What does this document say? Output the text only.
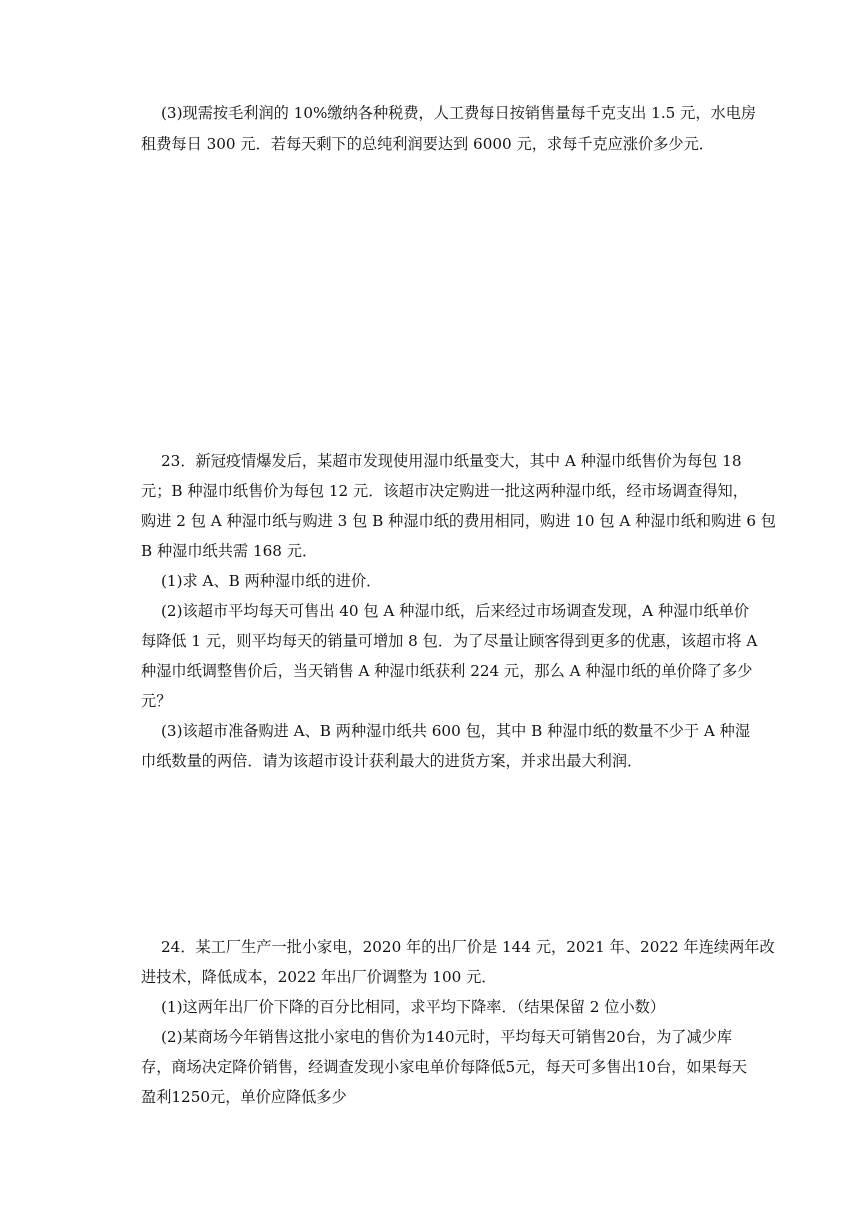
(3)现需按毛利润的 10%缴纳各种税费，人工费每日按销售量每千克支出 1.5 元，水电房
租费每日 300 元．若每天剩下的总纯利润要达到 6000 元，求每千克应涨价多少元．
23．新冠疫情爆发后，某超市发现使用湿巾纸量变大，其中 A 种湿巾纸售价为每包 18
元；B 种湿巾纸售价为每包 12 元．该超市决定购进一批这两种湿巾纸，经市场调查得知，
购进 2 包 A 种湿巾纸与购进 3 包 B 种湿巾纸的费用相同，购进 10 包 A 种湿巾纸和购进 6 包
B 种湿巾纸共需 168 元．
(1)求 A、B 两种湿巾纸的进价．
(2)该超市平均每天可售出 40 包 A 种湿巾纸，后来经过市场调查发现，A 种湿巾纸单价
每降低 1 元，则平均每天的销量可增加 8 包．为了尽量让顾客得到更多的优惠，该超市将 A
种湿巾纸调整售价后，当天销售 A 种湿巾纸获利 224 元，那么 A 种湿巾纸的单价降了多少
元？
(3)该超市准备购进 A、B 两种湿巾纸共 600 包，其中 B 种湿巾纸的数量不少于 A 种湿
巾纸数量的两倍．请为该超市设计获利最大的进货方案，并求出最大利润．
24．某工厂生产一批小家电，2020 年的出厂价是 144 元，2021 年、2022 年连续两年改
进技术，降低成本，2022 年出厂价调整为 100 元．
(1)这两年出厂价下降的百分比相同，求平均下降率．（结果保留 2 位小数）
(2)某商场今年销售这批小家电的售价为140元时，平均每天可销售20台，为了减少库
存，商场决定降价销售，经调查发现小家电单价每降低5元，每天可多售出10台，如果每天
盈利1250元，单价应降低多少
